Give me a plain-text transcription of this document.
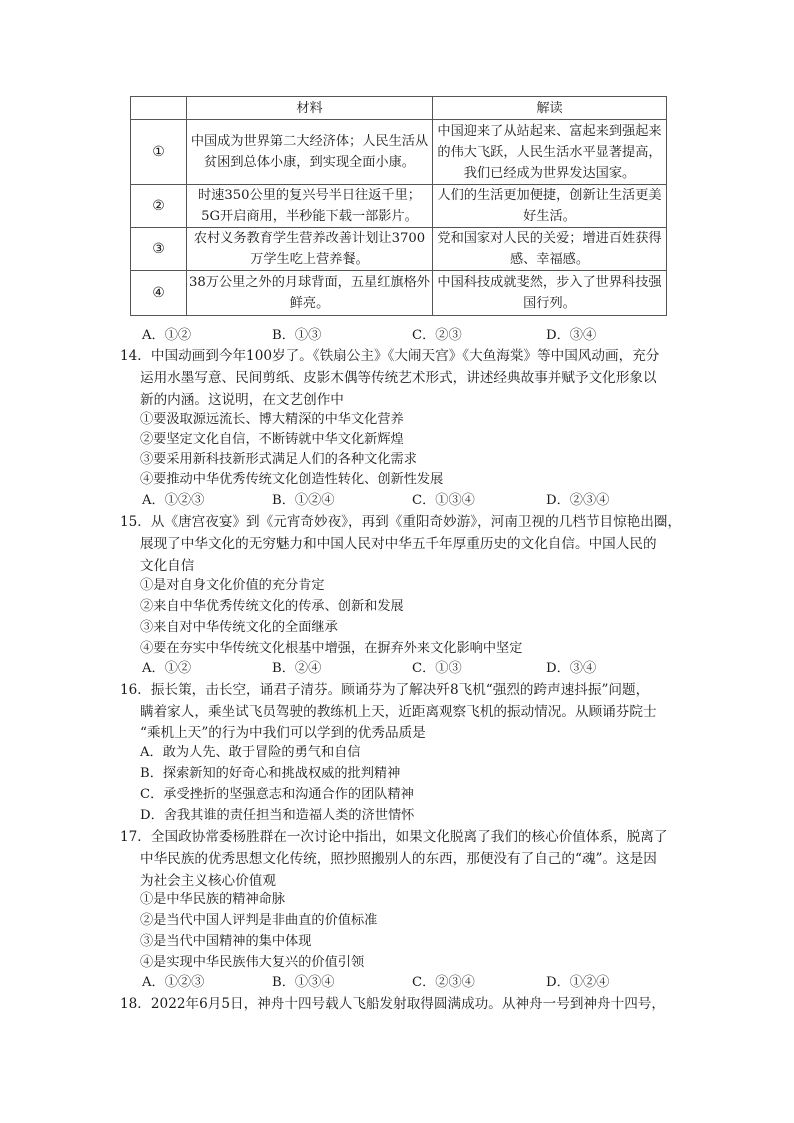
	材料	解读
①	中国成为世界第二大经济体；人民生活从贫困到总体小康，到实现全面小康。	中国迎来了从站起来、富起来到强起来的伟大飞跃，人民生活水平显著提高，我们已经成为世界发达国家。
②	时速350公里的复兴号半日往返千里；5G开启商用，半秒能下载一部影片。	人们的生活更加便捷，创新让生活更美好生活。
③	农村义务教育学生营养改善计划让3700万学生吃上营养餐。	党和国家对人民的关爱；增进百姓获得感、幸福感。
④	38万公里之外的月球背面，五星红旗格外鲜亮。	中国科技成就斐然，步入了世界科技强国行列。
A．①②	B．①③	C．②③	D．③④
14．中国动画到今年100岁了。《铁扇公主》《大闹天宫》《大鱼海棠》等中国风动画，充分
运用水墨写意、民间剪纸、皮影木偶等传统艺术形式，讲述经典故事并赋予文化形象以
新的内涵。这说明，在文艺创作中
①要汲取源远流长、博大精深的中华文化营养
②要坚定文化自信，不断铸就中华文化新辉煌
③要采用新科技新形式满足人们的各种文化需求
④要推动中华优秀传统文化创造性转化、创新性发展
A．①②③	B．①②④	C．①③④	D．②③④
15．从《唐宫夜宴》到《元宵奇妙夜》，再到《重阳奇妙游》，河南卫视的几档节目惊艳出圈，
展现了中华文化的无穷魅力和中国人民对中华五千年厚重历史的文化自信。中国人民的
文化自信
①是对自身文化价值的充分肯定
②来自中华优秀传统文化的传承、创新和发展
③来自对中华传统文化的全面继承
④要在夯实中华传统文化根基中增强，在摒弃外来文化影响中坚定
A．①②	B．②④	C．①③	D．③④
16．振长策，击长空，诵君子清芬。顾诵芬为了解决歼8飞机“强烈的跨声速抖振”问题，
瞒着家人，乘坐试飞员驾驶的教练机上天，近距离观察飞机的振动情况。从顾诵芬院士
“乘机上天”的行为中我们可以学到的优秀品质是
A．敢为人先、敢于冒险的勇气和自信
B．探索新知的好奇心和挑战权威的批判精神
C．承受挫折的坚强意志和沟通合作的团队精神
D．舍我其谁的责任担当和造福人类的济世情怀
17．全国政协常委杨胜群在一次讨论中指出，如果文化脱离了我们的核心价值体系，脱离了
中华民族的优秀思想文化传统，照抄照搬别人的东西，那便没有了自己的“魂”。这是因
为社会主义核心价值观
①是中华民族的精神命脉
②是当代中国人评判是非曲直的价值标准
③是当代中国精神的集中体现
④是实现中华民族伟大复兴的价值引领
A．①②③	B．①③④	C．②③④	D．①②④
18．2022年6月5日，神舟十四号载人飞船发射取得圆满成功。从神舟一号到神舟十四号，
